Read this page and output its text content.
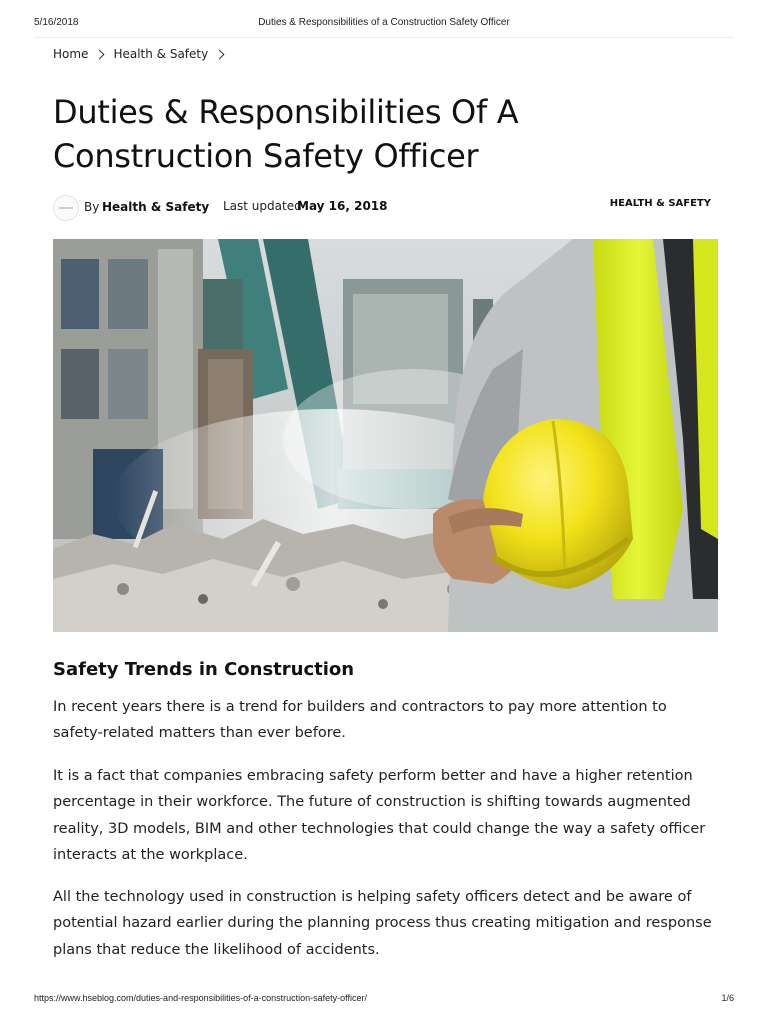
5/16/2018	Duties & Responsibilities of a Construction Safety Officer
Home Health & Safety
Duties & Responsibilities Of A
Construction Safety Officer
By Health & Safety Last updated
May 16, 2018	HEALTH & SAFETY
Safety Trends in Construction

In recent years there is a trend for builders and contractors to pay more attention to safety-related matters than ever before.

It is a fact that companies embracing safety perform better and have a higher retention percentage in their workforce. The future of construction is shifting towards augmented reality, 3D models, BIM and other technologies that could change the way a safety officer interacts at the workplace.

All the technology used in construction is helping safety officers detect and be aware of potential hazard earlier during the planning process thus creating mitigation and response plans that reduce the likelihood of accidents.

https://www.hseblog.com/duties-and-responsibilities-of-a-construction-safety-officer/	1/6
